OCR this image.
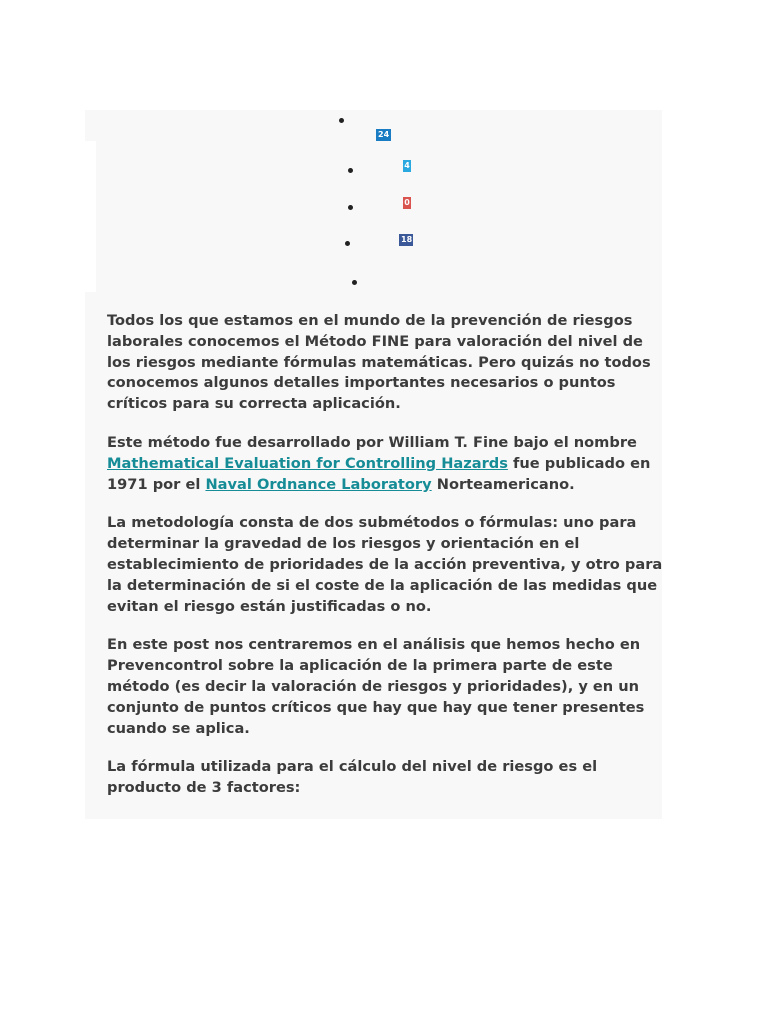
24
4
0
18

Todos los que estamos en el mundo de la prevención de riesgos laborales conocemos el Método FINE para valoración del nivel de los riesgos mediante fórmulas matemáticas. Pero quizás no todos conocemos algunos detalles importantes necesarios o puntos críticos para su correcta aplicación.

Este método fue desarrollado por William T. Fine bajo el nombre Mathematical Evaluation for Controlling Hazards fue publicado en 1971 por el Naval Ordnance Laboratory Norteamericano.

La metodología consta de dos submétodos o fórmulas: uno para determinar la gravedad de los riesgos y orientación en el establecimiento de prioridades de la acción preventiva, y otro para la determinación de si el coste de la aplicación de las medidas que evitan el riesgo están justificadas o no.

En este post nos centraremos en el análisis que hemos hecho en Prevencontrol sobre la aplicación de la primera parte de este método (es decir la valoración de riesgos y prioridades), y en un conjunto de puntos críticos que hay que hay que tener presentes cuando se aplica.

La fórmula utilizada para el cálculo del nivel de riesgo es el producto de 3 factores:
